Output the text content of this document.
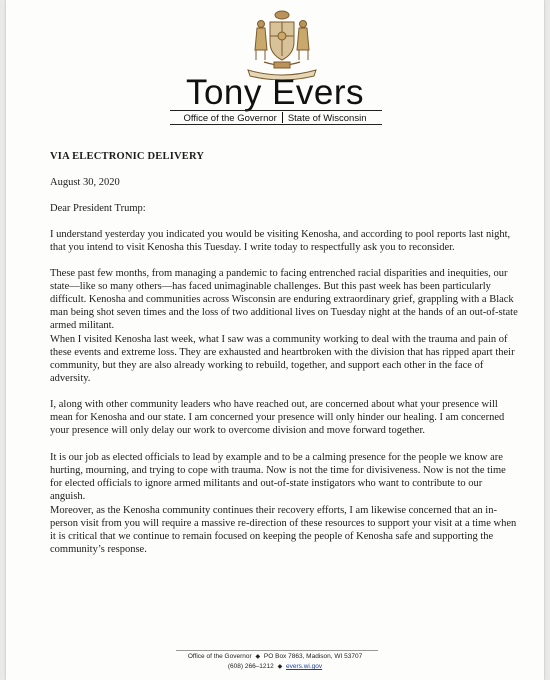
Tony Evers
Office of the Governor State of Wisconsin
VIA ELECTRONIC DELIVERY
August 30, 2020
Dear President Trump:

I understand yesterday you indicated you would be visiting Kenosha, and according to pool reports last night, that you intend to visit Kenosha this Tuesday. I write today to respectfully ask you to reconsider.

These past few months, from managing a pandemic to facing entrenched racial disparities and inequities, our state—like so many others—has faced unimaginable challenges. But this past week has been particularly difficult. Kenosha and communities across Wisconsin are enduring extraordinary grief, grappling with a Black man being shot seven times and the loss of two additional lives on Tuesday night at the hands of an out-of-state armed militant.

When I visited Kenosha last week, what I saw was a community working to deal with the trauma and pain of these events and extreme loss. They are exhausted and heartbroken with the division that has ripped apart their community, but they are also already working to rebuild, together, and support each other in the face of adversity.

I, along with other community leaders who have reached out, are concerned about what your presence will mean for Kenosha and our state. I am concerned your presence will only hinder our healing. I am concerned your presence will only delay our work to overcome division and move forward together.

It is our job as elected officials to lead by example and to be a calming presence for the people we know are hurting, mourning, and trying to cope with trauma. Now is not the time for divisiveness. Now is not the time for elected officials to ignore armed militants and out-of-state instigators who want to contribute to our anguish.

Moreover, as the Kenosha community continues their recovery efforts, I am likewise concerned that an in-person visit from you will require a massive re-direction of these resources to support your visit at a time when it is critical that we continue to remain focused on keeping the people of Kenosha safe and supporting the community’s response.

Office of the Governor ◆ PO Box 7863, Madison, WI 53707
(608) 266–1212 ◆ evers.wi.gov
